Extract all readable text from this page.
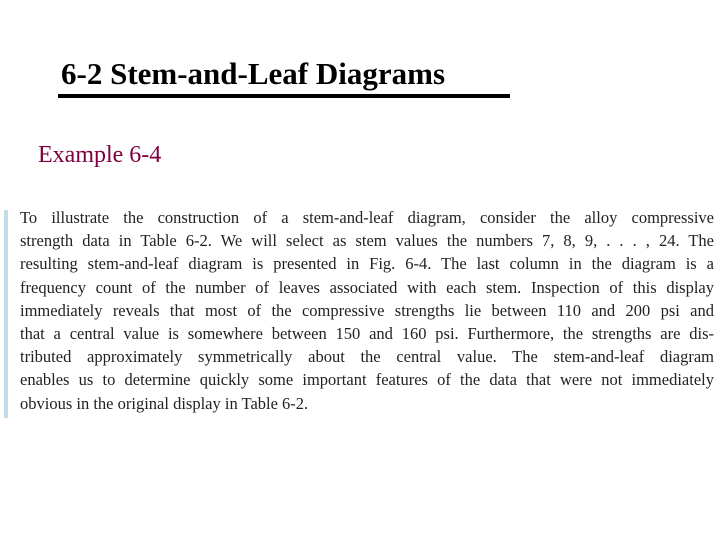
6-2 Stem-and-Leaf Diagrams
Example 6-4
To illustrate the construction of a stem-and-leaf diagram, consider the alloy compressive
strength data in Table 6-2. We will select as stem values the numbers 7, 8, 9, . . . , 24. The
resulting stem-and-leaf diagram is presented in Fig. 6-4. The last column in the diagram is a
frequency count of the number of leaves associated with each stem. Inspection of this display
immediately reveals that most of the compressive strengths lie between 110 and 200 psi and
that a central value is somewhere between 150 and 160 psi. Furthermore, the strengths are dis-
tributed approximately symmetrically about the central value. The stem-and-leaf diagram
enables us to determine quickly some important features of the data that were not immediately
obvious in the original display in Table 6-2.
